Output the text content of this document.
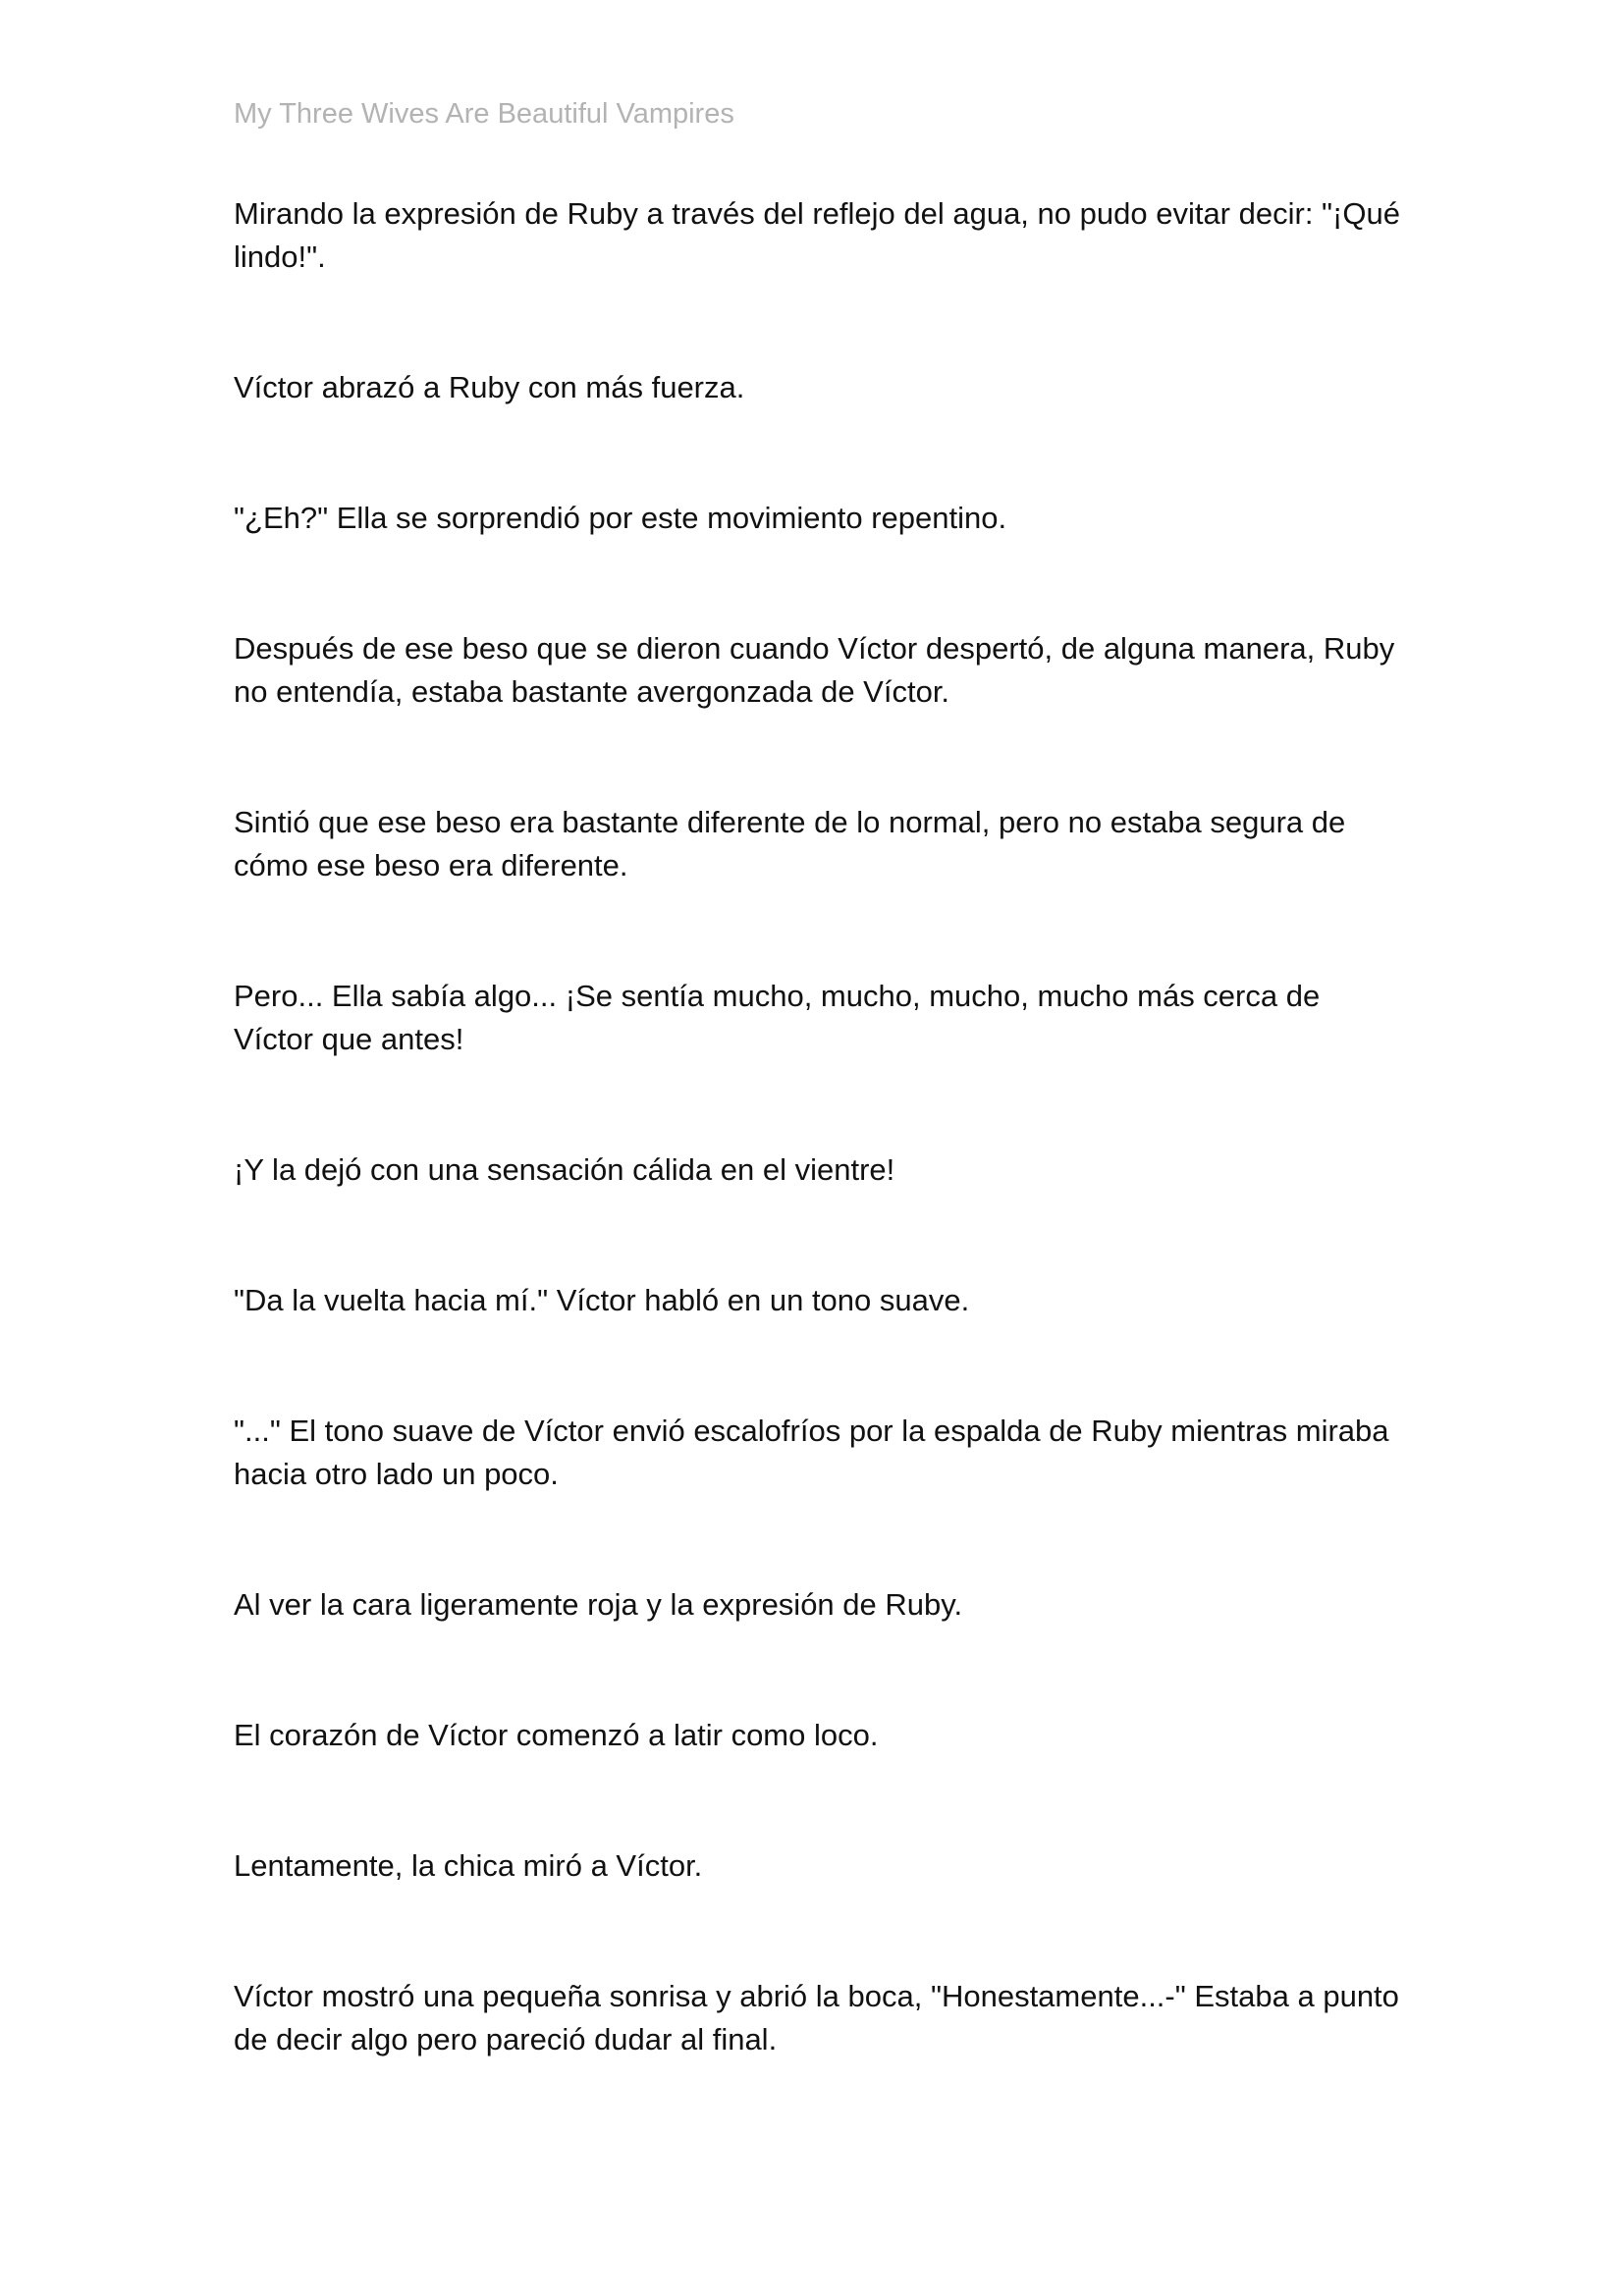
My Three Wives Are Beautiful Vampires

Mirando la expresión de Ruby a través del reflejo del agua, no pudo evitar decir: "¡Qué lindo!".

Víctor abrazó a Ruby con más fuerza.

"¿Eh?" Ella se sorprendió por este movimiento repentino.

Después de ese beso que se dieron cuando Víctor despertó, de alguna manera, Ruby no entendía, estaba bastante avergonzada de Víctor.

Sintió que ese beso era bastante diferente de lo normal, pero no estaba segura de cómo ese beso era diferente.

Pero... Ella sabía algo... ¡Se sentía mucho, mucho, mucho, mucho más cerca de Víctor que antes!

¡Y la dejó con una sensación cálida en el vientre!

"Da la vuelta hacia mí." Víctor habló en un tono suave.

"..." El tono suave de Víctor envió escalofríos por la espalda de Ruby mientras miraba hacia otro lado un poco.

Al ver la cara ligeramente roja y la expresión de Ruby.

El corazón de Víctor comenzó a latir como loco.

Lentamente, la chica miró a Víctor.

Víctor mostró una pequeña sonrisa y abrió la boca, "Honestamente...-" Estaba a punto de decir algo pero pareció dudar al final.
